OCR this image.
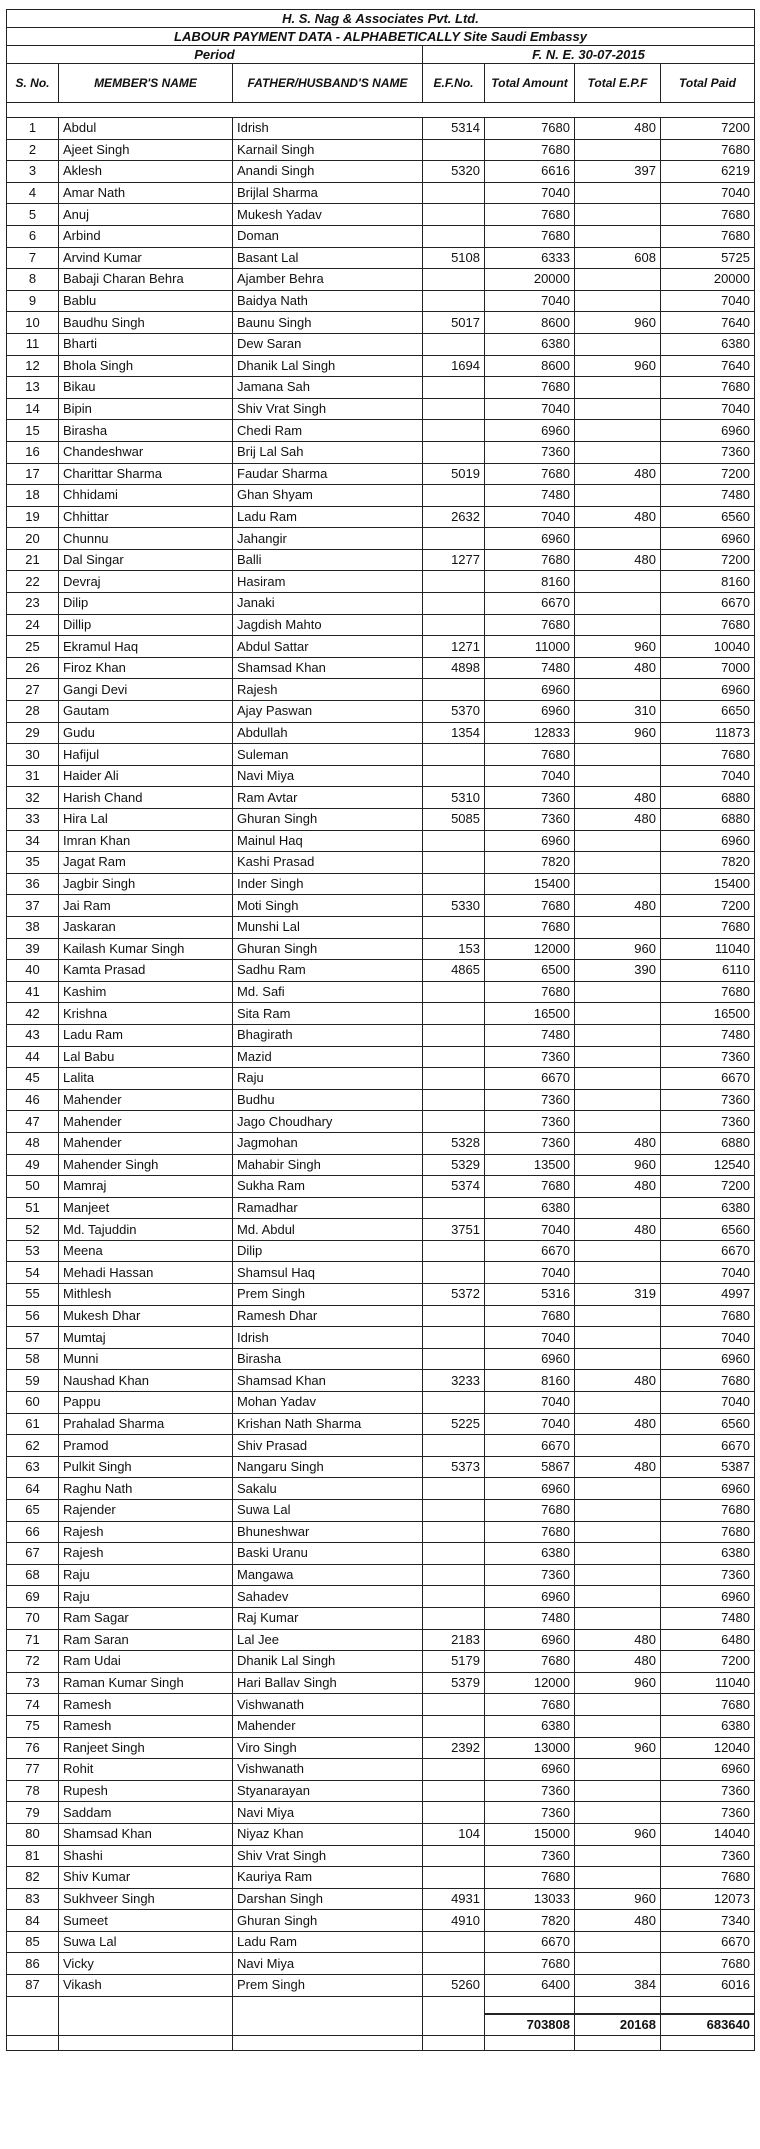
H. S. Nag & Associates Pvt. Ltd.						
LABOUR PAYMENT DATA - ALPHABETICALLY Site Saudi Embassy						
Period			F. N. E. 30-07-2015			
S. No.	MEMBER'S NAME	FATHER/HUSBAND'S NAME	E.F.No.	Total Amount	Total E.P.F	Total Paid

1	Abdul	Idrish	5314	7680	480	7200
2	Ajeet Singh	Karnail Singh		7680		7680
3	Aklesh	Anandi Singh	5320	6616	397	6219
4	Amar Nath	Brijlal Sharma		7040		7040
5	Anuj	Mukesh Yadav		7680		7680
6	Arbind	Doman		7680		7680
7	Arvind Kumar	Basant Lal	5108	6333	608	5725
8	Babaji Charan Behra	Ajamber Behra		20000		20000
9	Bablu	Baidya Nath		7040		7040
10	Baudhu Singh	Baunu Singh	5017	8600	960	7640
11	Bharti	Dew Saran		6380		6380
12	Bhola Singh	Dhanik Lal Singh	1694	8600	960	7640
13	Bikau	Jamana Sah		7680		7680
14	Bipin	Shiv Vrat Singh		7040		7040
15	Birasha	Chedi Ram		6960		6960
16	Chandeshwar	Brij Lal Sah		7360		7360
17	Charittar Sharma	Faudar Sharma	5019	7680	480	7200
18	Chhidami	Ghan Shyam		7480		7480
19	Chhittar	Ladu Ram	2632	7040	480	6560
20	Chunnu	Jahangir		6960		6960
21	Dal Singar	Balli	1277	7680	480	7200
22	Devraj	Hasiram		8160		8160
23	Dilip	Janaki		6670		6670
24	Dillip	Jagdish Mahto		7680		7680
25	Ekramul Haq	Abdul Sattar	1271	11000	960	10040
26	Firoz Khan	Shamsad Khan	4898	7480	480	7000
27	Gangi Devi	Rajesh		6960		6960
28	Gautam	Ajay Paswan	5370	6960	310	6650
29	Gudu	Abdullah	1354	12833	960	11873
30	Hafijul	Suleman		7680		7680
31	Haider Ali	Navi Miya		7040		7040
32	Harish Chand	Ram Avtar	5310	7360	480	6880
33	Hira Lal	Ghuran Singh	5085	7360	480	6880
34	Imran Khan	Mainul Haq		6960		6960
35	Jagat Ram	Kashi Prasad		7820		7820
36	Jagbir Singh	Inder Singh		15400		15400
37	Jai Ram	Moti Singh	5330	7680	480	7200
38	Jaskaran	Munshi Lal		7680		7680
39	Kailash Kumar Singh	Ghuran Singh	153	12000	960	11040
40	Kamta Prasad	Sadhu Ram	4865	6500	390	6110
41	Kashim	Md. Safi		7680		7680
42	Krishna	Sita Ram		16500		16500
43	Ladu Ram	Bhagirath		7480		7480
44	Lal Babu	Mazid		7360		7360
45	Lalita	Raju		6670		6670
46	Mahender	Budhu		7360		7360
47	Mahender	Jago Choudhary		7360		7360
48	Mahender	Jagmohan	5328	7360	480	6880
49	Mahender Singh	Mahabir Singh	5329	13500	960	12540
50	Mamraj	Sukha Ram	5374	7680	480	7200
51	Manjeet	Ramadhar		6380		6380
52	Md. Tajuddin	Md. Abdul	3751	7040	480	6560
53	Meena	Dilip		6670		6670
54	Mehadi Hassan	Shamsul Haq		7040		7040
55	Mithlesh	Prem Singh	5372	5316	319	4997
56	Mukesh Dhar	Ramesh Dhar		7680		7680
57	Mumtaj	Idrish		7040		7040
58	Munni	Birasha		6960		6960
59	Naushad Khan	Shamsad Khan	3233	8160	480	7680
60	Pappu	Mohan Yadav		7040		7040
61	Prahalad Sharma	Krishan Nath Sharma	5225	7040	480	6560
62	Pramod	Shiv Prasad		6670		6670
63	Pulkit Singh	Nangaru Singh	5373	5867	480	5387
64	Raghu Nath	Sakalu		6960		6960
65	Rajender	Suwa Lal		7680		7680
66	Rajesh	Bhuneshwar		7680		7680
67	Rajesh	Baski Uranu		6380		6380
68	Raju	Mangawa		7360		7360
69	Raju	Sahadev		6960		6960
70	Ram Sagar	Raj Kumar		7480		7480
71	Ram Saran	Lal Jee	2183	6960	480	6480
72	Ram Udai	Dhanik Lal Singh	5179	7680	480	7200
73	Raman Kumar Singh	Hari Ballav Singh	5379	12000	960	11040
74	Ramesh	Vishwanath		7680		7680
75	Ramesh	Mahender		6380		6380
76	Ranjeet Singh	Viro Singh	2392	13000	960	12040
77	Rohit	Vishwanath		6960		6960
78	Rupesh	Styanarayan		7360		7360
79	Saddam	Navi Miya		7360		7360
80	Shamsad Khan	Niyaz Khan	104	15000	960	14040
81	Shashi	Shiv Vrat Singh		7360		7360
82	Shiv Kumar	Kauriya Ram		7680		7680
83	Sukhveer Singh	Darshan Singh	4931	13033	960	12073
84	Sumeet	Ghuran Singh	4910	7820	480	7340
85	Suwa Lal	Ladu Ram		6670		6670
86	Vicky	Navi Miya		7680		7680
87	Vikash	Prem Singh	5260	6400	384	6016

				703808	20168	683640
